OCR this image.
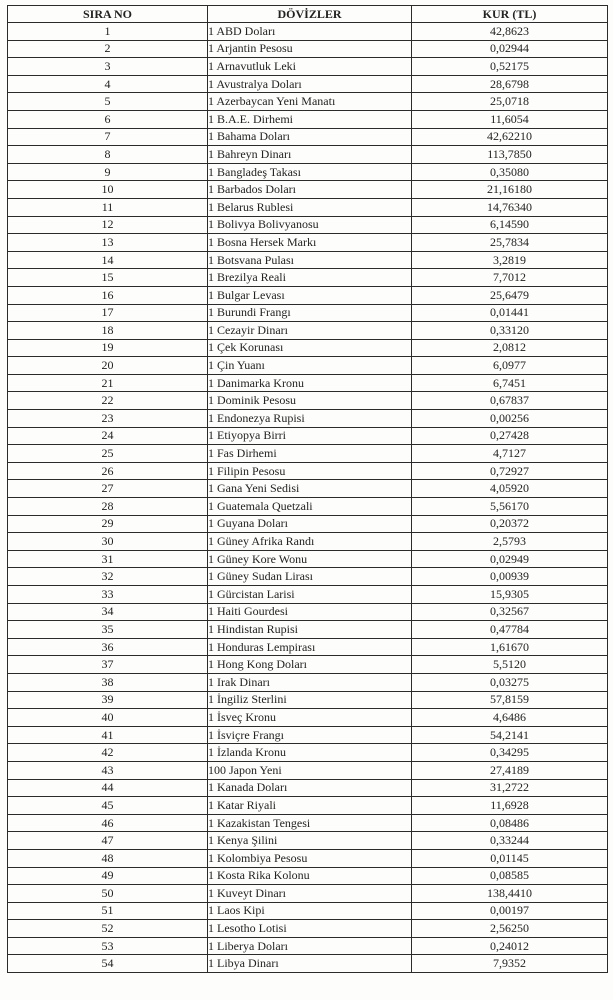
SIRA NO	DÖVİZLER	KUR (TL)
1	1 ABD Doları	42,8623
2	1 Arjantin Pesosu	0,02944
3	1 Arnavutluk Leki	0,52175
4	1 Avustralya Doları	28,6798
5	1 Azerbaycan Yeni Manatı	25,0718
6	1 B.A.E. Dirhemi	11,6054
7	1 Bahama Doları	42,62210
8	1 Bahreyn Dinarı	113,7850
9	1 Bangladeş Takası	0,35080
10	1 Barbados Doları	21,16180
11	1 Belarus Rublesi	14,76340
12	1 Bolivya Bolivyanosu	6,14590
13	1 Bosna Hersek Markı	25,7834
14	1 Botsvana Pulası	3,2819
15	1 Brezilya Reali	7,7012
16	1 Bulgar Levası	25,6479
17	1 Burundi Frangı	0,01441
18	1 Cezayir Dinarı	0,33120
19	1 Çek Korunası	2,0812
20	1 Çin Yuanı	6,0977
21	1 Danimarka Kronu	6,7451
22	1 Dominik Pesosu	0,67837
23	1 Endonezya Rupisi	0,00256
24	1 Etiyopya Birri	0,27428
25	1 Fas Dirhemi	4,7127
26	1 Filipin Pesosu	0,72927
27	1 Gana Yeni Sedisi	4,05920
28	1 Guatemala Quetzali	5,56170
29	1 Guyana Doları	0,20372
30	1 Güney Afrika Randı	2,5793
31	1 Güney Kore Wonu	0,02949
32	1 Güney Sudan Lirası	0,00939
33	1 Gürcistan Larisi	15,9305
34	1 Haiti Gourdesi	0,32567
35	1 Hindistan Rupisi	0,47784
36	1 Honduras Lempirası	1,61670
37	1 Hong Kong Doları	5,5120
38	1 Irak Dinarı	0,03275
39	1 İngiliz Sterlini	57,8159
40	1 İsveç Kronu	4,6486
41	1 İsviçre Frangı	54,2141
42	1 İzlanda Kronu	0,34295
43	100 Japon Yeni	27,4189
44	1 Kanada Doları	31,2722
45	1 Katar Riyali	11,6928
46	1 Kazakistan Tengesi	0,08486
47	1 Kenya Şilini	0,33244
48	1 Kolombiya Pesosu	0,01145
49	1 Kosta Rika Kolonu	0,08585
50	1 Kuveyt Dinarı	138,4410
51	1 Laos Kipi	0,00197
52	1 Lesotho Lotisi	2,56250
53	1 Liberya Doları	0,24012
54	1 Libya Dinarı	7,9352
